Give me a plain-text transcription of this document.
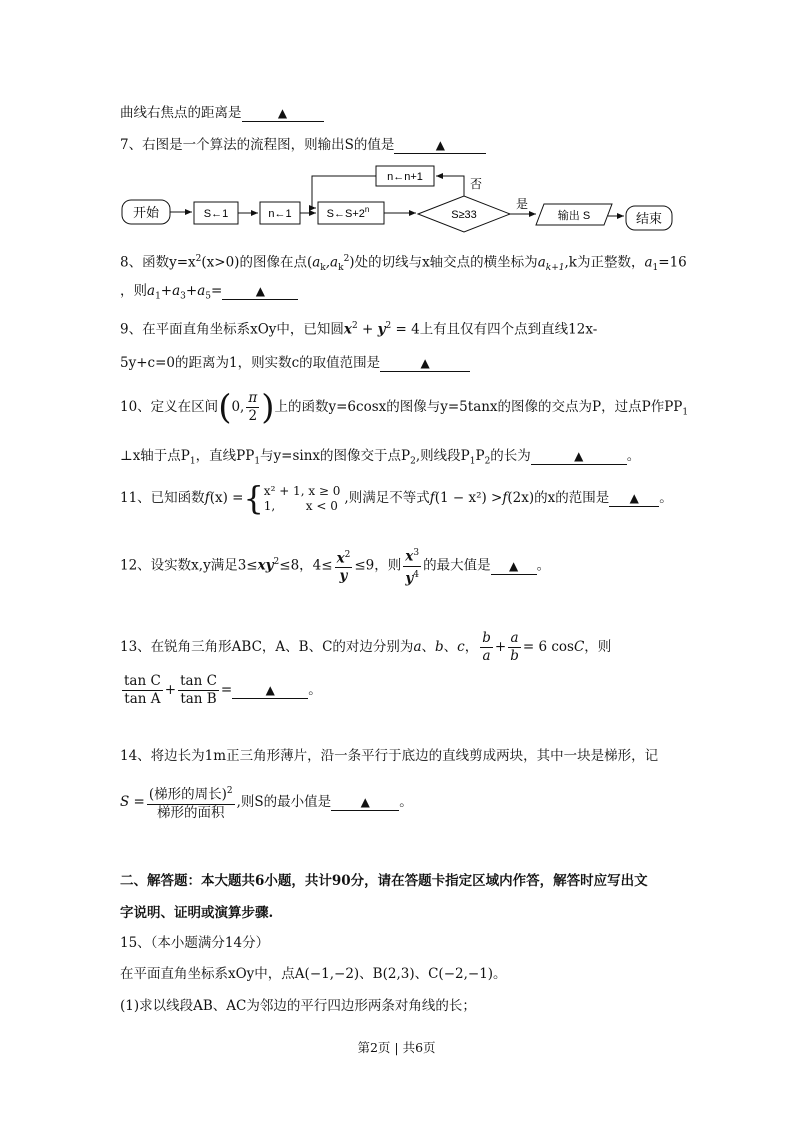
曲线右焦点的距离是	▲
7、右图是一个算法的流程图，则输出S的值是	▲
开始	S←1	n←1	$S\leftarrow S+2^n$	S≥33
是
输出 S	结束
否
n←n+1
8、函数$y=x^2(x>0)$的图像在点$(a_k,a_k^2)$处的切线与x轴交点的横坐标为$a_{k+1},k$为正整数，$a_1=16$
，则$a_1+a_3+a_5=$	▲
9、在平面直角坐标系xOy中，已知圆$x^2 + y^2 = 4$上有且仅有四个点到直线12x-
5y+c=0的距离为1，则实数c的取值范围是	▲
10、定义在区间(0, $\frac{\pi}{2}$ )上的函数y=6cosx的图像与y=5tanx的图像的交点为P，过点P作$PP_1$
⊥x轴于点$P_1$，直线$PP_1$与y=sinx的图像交于点$P_2$,则线段$P_1P_2$的长为	▲	。
11、已知函数f(x) ={ x² + 1, x ≥ 0
1,        x < 0 ,则满足不等式f(1 − x²) >f(2x)的x的范围是 ▲ 。
12、设实数x,y满足$3\le xy^2\le 8$，$4\le \frac{x^2}{y} \le 9$，则 $\frac{x^3}{y^4}$ 的最大值是 ▲ 。
13、在锐角三角形ABC，A、B、C的对边分别为a、b、c， $\frac{b}{a} + \frac{a}{b} = 6$ cosC，则
$\frac{\text{tan C}}{\text{tan A}} + \frac{\text{tan C}}{\text{tan B}}$ =	▲ 。
14、将边长为1m正三角形薄片，沿一条平行于底边的直线剪成两块，其中一块是梯形，记
$S = \frac{(梯形的周长)^2}{\text{梯形的面积}}$ ,则S的最小值是 ▲ 。
二、解答题：本大题共6小题，共计90分，请在答题卡指定区域内作答，解答时应写出文
字说明、证明或演算步骤.
15、（本小题满分14分）
在平面直角坐标系xOy中，点A(−1,−2)、B(2,3)、C(−2,−1)。
(1)求以线段AB、AC为邻边的平行四边形两条对角线的长；
第2页 | 共6页
